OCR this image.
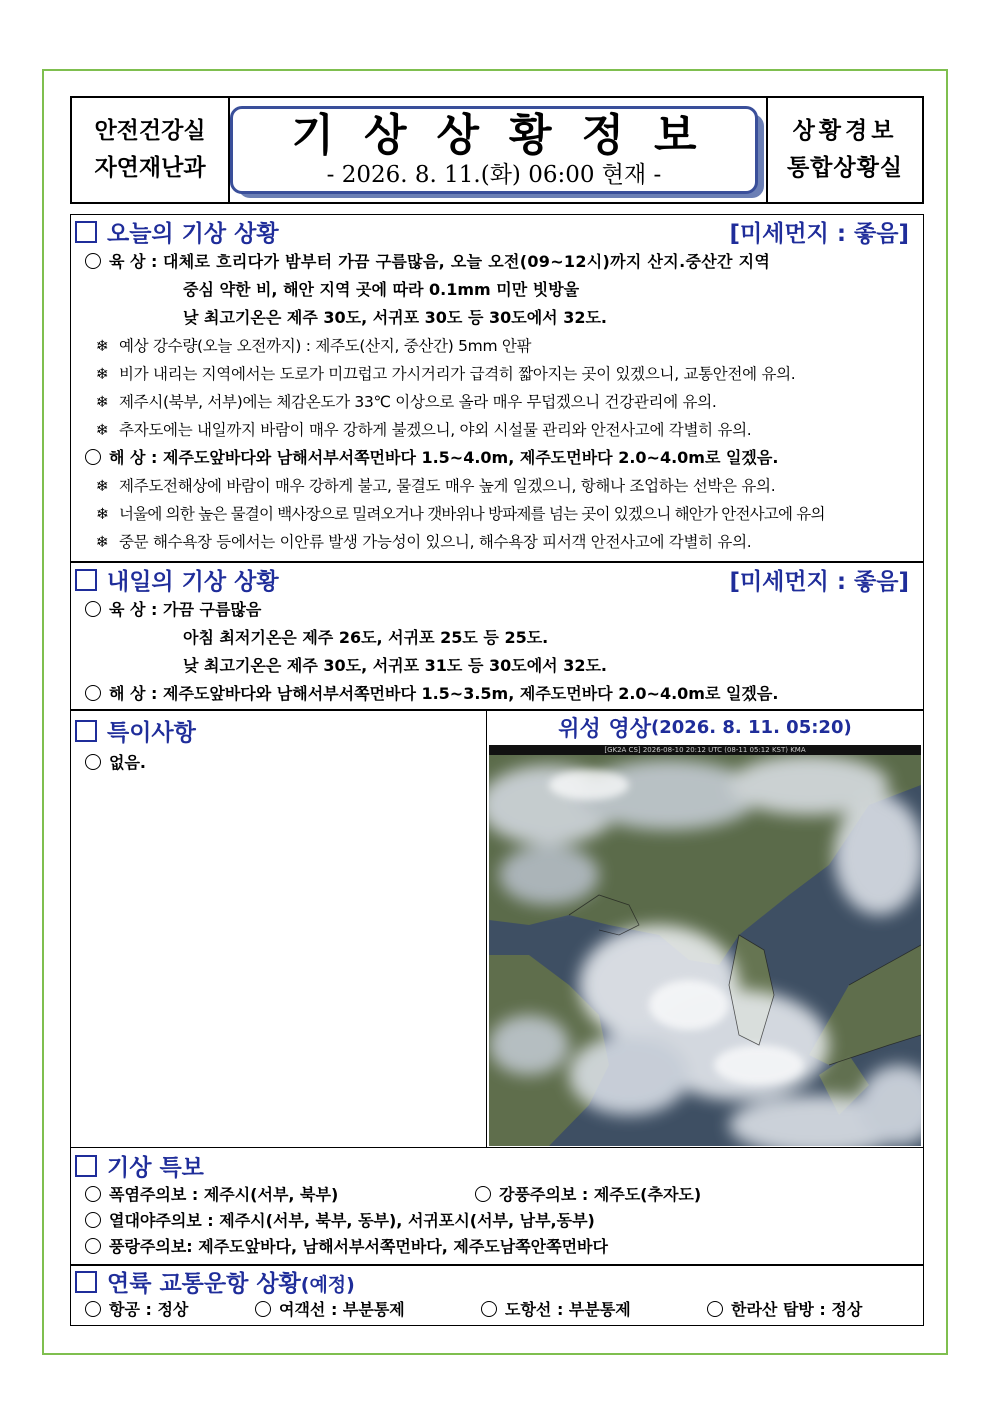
안전건강실
자연재난과
기상상황정보
- 2026. 8. 11.(화) 06:00 현재 -
상황경보
통합상황실
오늘의 기상 상황	[미세먼지 : 좋음]
육 상 : 대체로 흐리다가 밤부터 가끔 구름많음, 오늘 오전(09~12시)까지 산지.중산간 지역
중심 약한 비, 해안 지역 곳에 따라 0.1mm 미만 빗방울
낮 최고기온은 제주 30도, 서귀포 30도 등 30도에서 32도.
❄ 예상 강수량(오늘 오전까지) : 제주도(산지, 중산간) 5mm 안팎
❄ 비가 내리는 지역에서는 도로가 미끄럽고 가시거리가 급격히 짧아지는 곳이 있겠으니, 교통안전에 유의.
❄ 제주시(북부, 서부)에는 체감온도가 33℃ 이상으로 올라 매우 무덥겠으니 건강관리에 유의.
❄ 추자도에는 내일까지 바람이 매우 강하게 불겠으니, 야외 시설물 관리와 안전사고에 각별히 유의.
해 상 : 제주도앞바다와 남해서부서쪽먼바다 1.5~4.0m, 제주도먼바다 2.0~4.0m로 일겠음.
❄ 제주도전해상에 바람이 매우 강하게 불고, 물결도 매우 높게 일겠으니, 항해나 조업하는 선박은 유의.
❄ 너울에 의한 높은 물결이 백사장으로 밀려오거나 갯바위나 방파제를 넘는 곳이 있겠으니 해안가 안전사고에 유의
❄ 중문 해수욕장 등에서는 이안류 발생 가능성이 있으니, 해수욕장 피서객 안전사고에 각별히 유의.
내일의 기상 상황	[미세먼지 : 좋음]
육 상 : 가끔 구름많음
아침 최저기온은 제주 26도, 서귀포 25도 등 25도.
낮 최고기온은 제주 30도, 서귀포 31도 등 30도에서 32도.
해 상 : 제주도앞바다와 남해서부서쪽먼바다 1.5~3.5m, 제주도먼바다 2.0~4.0m로 일겠음.
특이사항
없음.
위성 영상 (2026. 8. 11. 05:20)
[GK2A CS] 2026-08-10 20:12 UTC (08-11 05:12 KST) KMA
기상 특보
폭염주의보 : 제주시(서부, 북부)	강풍주의보 : 제주도(추자도)
열대야주의보 : 제주시(서부, 북부, 동부), 서귀포시(서부, 남부,동부)
풍랑주의보: 제주도앞바다, 남해서부서쪽먼바다, 제주도남쪽안쪽먼바다
연륙 교통운항 상황(예정)
항공 : 정상	여객선 : 부분통제	도항선 : 부분통제	한라산 탐방 : 정상
